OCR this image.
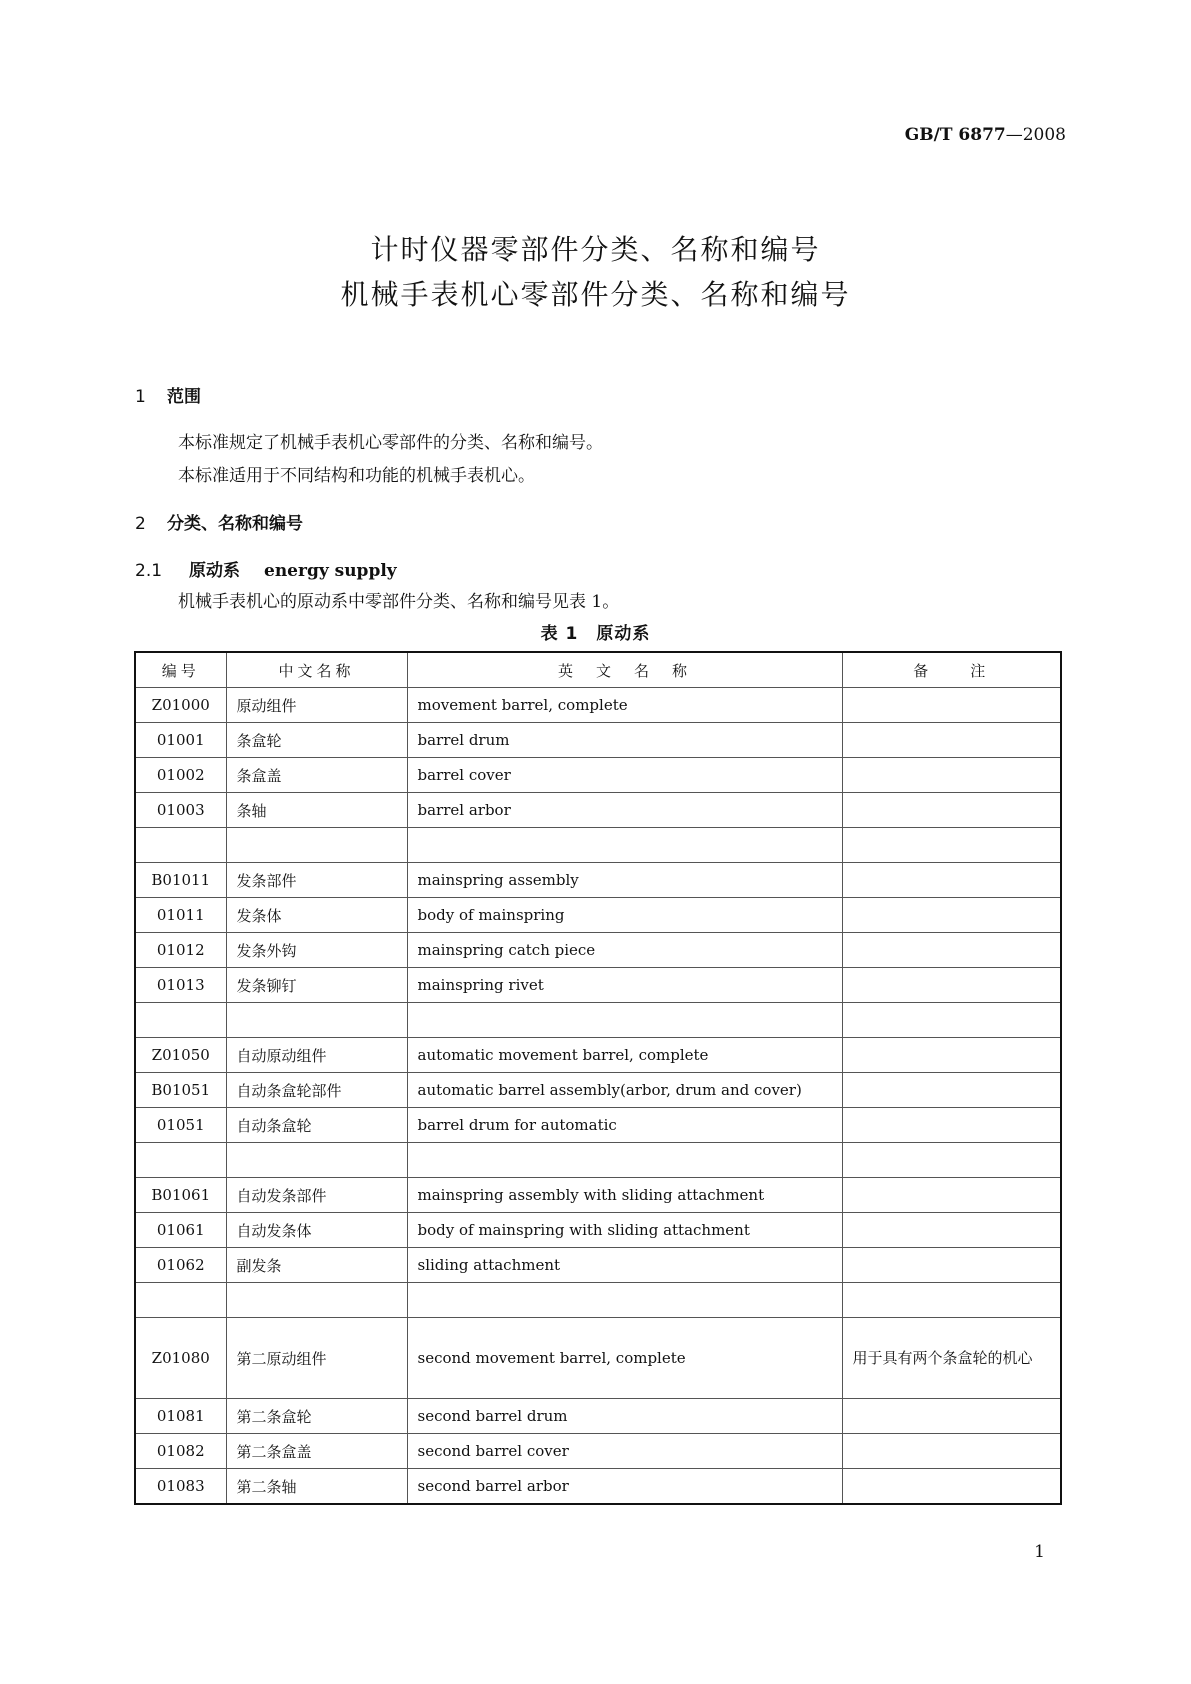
GB/T 6877—2008
计时仪器零部件分类、名称和编号
机械手表机心零部件分类、名称和编号
1 范围
本标准规定了机械手表机心零部件的分类、名称和编号。
本标准适用于不同结构和功能的机械手表机心。
2 分类、名称和编号
2.1 原动系 energy supply
机械手表机心的原动系中零部件分类、名称和编号见表 1。
表 1　原动系
编号	中文名称	英　文　名　称	备　　注
Z01000	原动组件	movement barrel, complete	
01001	条盒轮	barrel drum	
01002	条盒盖	barrel cover	
01003	条轴	barrel arbor	

B01011	发条部件	mainspring assembly	
01011	发条体	body of mainspring	
01012	发条外钩	mainspring catch piece	
01013	发条铆钉	mainspring rivet	

Z01050	自动原动组件	automatic movement barrel, complete	
B01051	自动条盒轮部件	automatic barrel assembly(arbor, drum and cover)	
01051	自动条盒轮	barrel drum for automatic	

B01061	自动发条部件	mainspring assembly with sliding attachment	
01061	自动发条体	body of mainspring with sliding attachment	
01062	副发条	sliding attachment	

Z01080	第二原动组件	second movement barrel, complete	用于具有两个条盒轮的机心
01081	第二条盒轮	second barrel drum	
01082	第二条盒盖	second barrel cover	
01083	第二条轴	second barrel arbor	
1
